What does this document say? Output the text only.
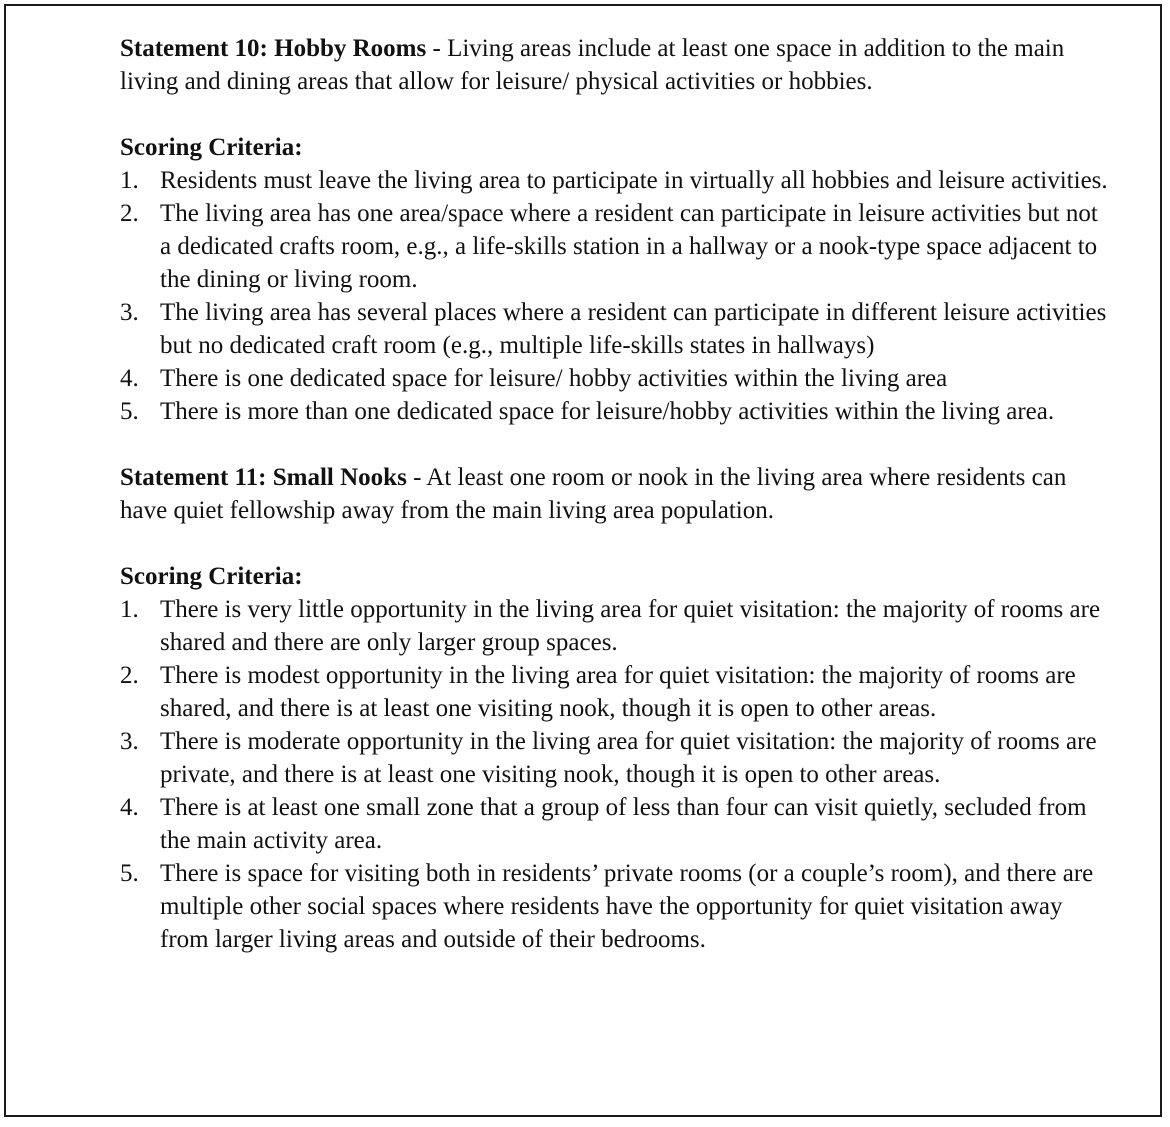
Statement 10: Hobby Rooms - Living areas include at least one space in addition to the main living and dining areas that allow for leisure/ physical activities or hobbies.

Scoring Criteria:

1. Residents must leave the living area to participate in virtually all hobbies and leisure activities.
2. The living area has one area/space where a resident can participate in leisure activities but not a dedicated crafts room, e.g., a life-skills station in a hallway or a nook-type space adjacent to the dining or living room.
3. The living area has several places where a resident can participate in different leisure activities but no dedicated craft room (e.g., multiple life-skills states in hallways)
4. There is one dedicated space for leisure/ hobby activities within the living area
5. There is more than one dedicated space for leisure/hobby activities within the living area.

Statement 11: Small Nooks - At least one room or nook in the living area where residents can have quiet fellowship away from the main living area population.

Scoring Criteria:

1. There is very little opportunity in the living area for quiet visitation: the majority of rooms are shared and there are only larger group spaces.
2. There is modest opportunity in the living area for quiet visitation: the majority of rooms are shared, and there is at least one visiting nook, though it is open to other areas.
3. There is moderate opportunity in the living area for quiet visitation: the majority of rooms are private, and there is at least one visiting nook, though it is open to other areas.
4. There is at least one small zone that a group of less than four can visit quietly, secluded from the main activity area.
5. There is space for visiting both in residents’ private rooms (or a couple’s room), and there are multiple other social spaces where residents have the opportunity for quiet visitation away from larger living areas and outside of their bedrooms.
